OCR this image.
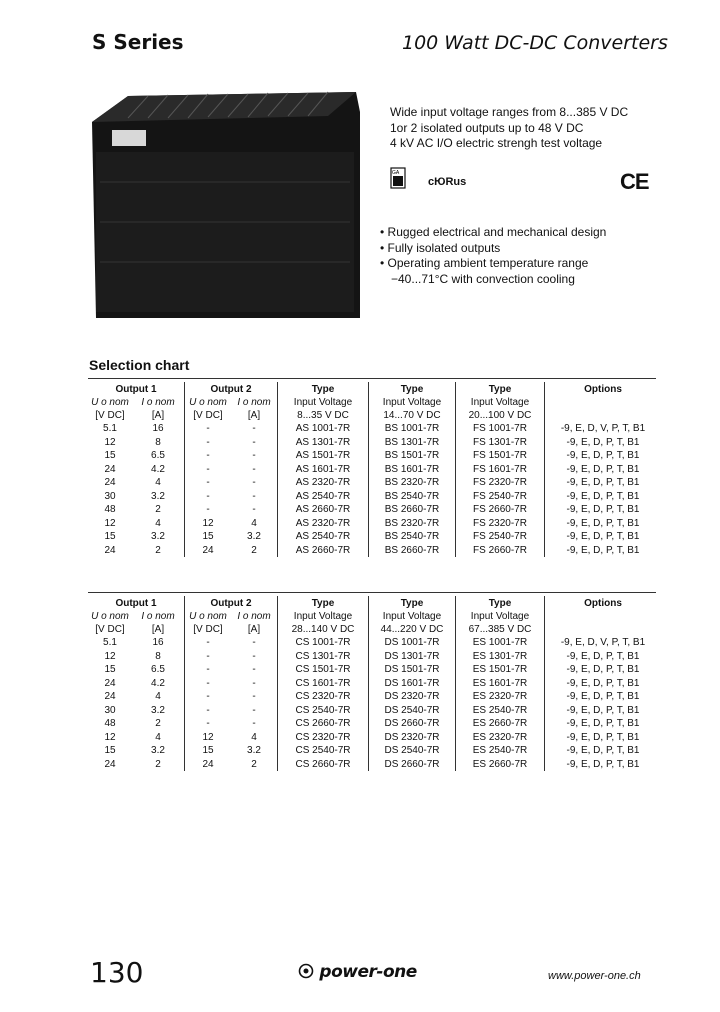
S Series	100 Watt DC-DC Converters
Wide input voltage ranges from 8...385 V DC
1or 2 isolated outputs up to 48 V DC
4 kV AC I/O electric strengh test voltage
GA
cЮRus	CE
• Rugged electrical and mechanical design
• Fully isolated outputs
• Operating ambient temperature range
−40...71°C with convection cooling
Selection chart
Output 1		Output 2		Type	Type	Type	Options
U o nom	I o nom	U o nom	I o nom	Input Voltage	Input Voltage	Input Voltage	
[V DC]	[A]	[V DC]	[A]	8...35 V DC	14...70 V DC	20...100 V DC	
5.1	16	-	-	AS 1001-7R	BS 1001-7R	FS 1001-7R	-9, E, D, V, P, T, B1
12	8	-	-	AS 1301-7R	BS 1301-7R	FS 1301-7R	-9, E, D, P, T, B1
15	6.5	-	-	AS 1501-7R	BS 1501-7R	FS 1501-7R	-9, E, D, P, T, B1
24	4.2	-	-	AS 1601-7R	BS 1601-7R	FS 1601-7R	-9, E, D, P, T, B1
24	4	-	-	AS 2320-7R	BS 2320-7R	FS 2320-7R	-9, E, D, P, T, B1
30	3.2	-	-	AS 2540-7R	BS 2540-7R	FS 2540-7R	-9, E, D, P, T, B1
48	2	-	-	AS 2660-7R	BS 2660-7R	FS 2660-7R	-9, E, D, P, T, B1
12	4	12	4	AS 2320-7R	BS 2320-7R	FS 2320-7R	-9, E, D, P, T, B1
15	3.2	15	3.2	AS 2540-7R	BS 2540-7R	FS 2540-7R	-9, E, D, P, T, B1
24	2	24	2	AS 2660-7R	BS 2660-7R	FS 2660-7R	-9, E, D, P, T, B1
Output 1		Output 2		Type	Type	Type	Options
U o nom	I o nom	U o nom	I o nom	Input Voltage	Input Voltage	Input Voltage	
[V DC]	[A]	[V DC]	[A]	28...140 V DC	44...220 V DC	67...385 V DC	
5.1	16	-	-	CS 1001-7R	DS 1001-7R	ES 1001-7R	-9, E, D, V, P, T, B1
12	8	-	-	CS 1301-7R	DS 1301-7R	ES 1301-7R	-9, E, D, P, T, B1
15	6.5	-	-	CS 1501-7R	DS 1501-7R	ES 1501-7R	-9, E, D, P, T, B1
24	4.2	-	-	CS 1601-7R	DS 1601-7R	ES 1601-7R	-9, E, D, P, T, B1
24	4	-	-	CS 2320-7R	DS 2320-7R	ES 2320-7R	-9, E, D, P, T, B1
30	3.2	-	-	CS 2540-7R	DS 2540-7R	ES 2540-7R	-9, E, D, P, T, B1
48	2	-	-	CS 2660-7R	DS 2660-7R	ES 2660-7R	-9, E, D, P, T, B1
12	4	12	4	CS 2320-7R	DS 2320-7R	ES 2320-7R	-9, E, D, P, T, B1
15	3.2	15	3.2	CS 2540-7R	DS 2540-7R	ES 2540-7R	-9, E, D, P, T, B1
24	2	24	2	CS 2660-7R	DS 2660-7R	ES 2660-7R	-9, E, D, P, T, B1
130	power-one	www.power-one.ch
